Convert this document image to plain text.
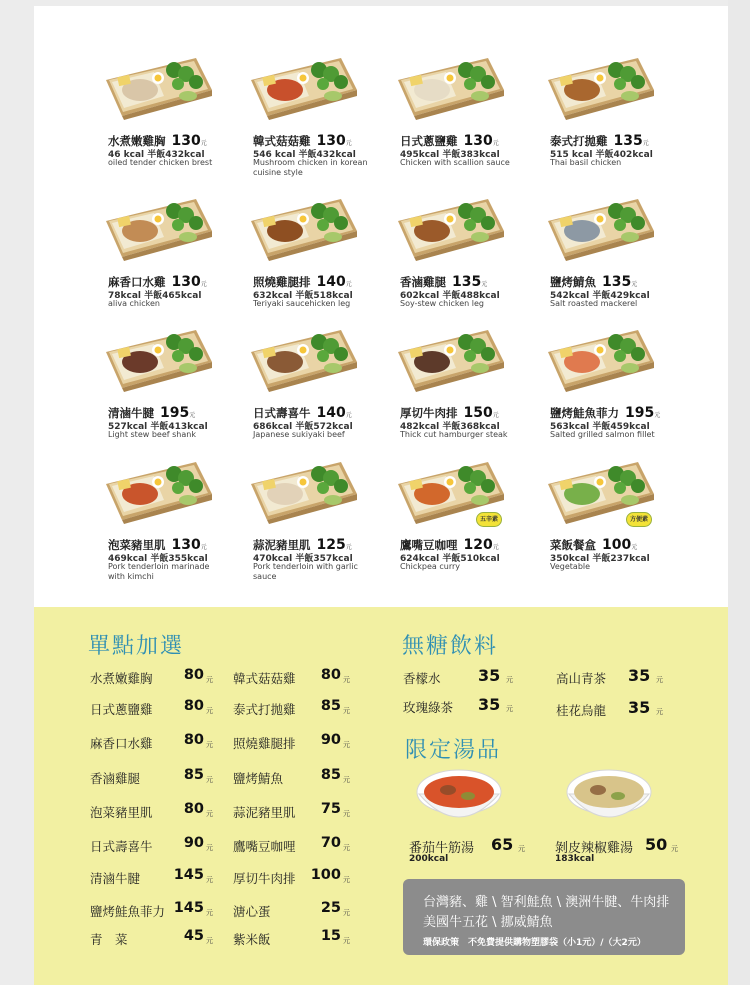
水煮嫩雞胸 130元
46 kcal 半飯432kcal
oiled tender chicken brest
韓式菇菇雞 130元
546 kcal 半飯432kcal
Mushroom chicken in korean cuisine style
日式蔥鹽雞 130元
495kcal 半飯383kcal
Chicken with scallion sauce
泰式打拋雞 135元
515 kcal 半飯402kcal
Thai basil chicken
麻香口水雞 130元
78kcal 半飯465kcal
aliva chicken
照燒雞腿排 140元
632kcal 半飯518kcal
Teriyaki saucehicken leg
香滷雞腿 135元
602kcal 半飯488kcal
Soy-stew chicken leg
鹽烤鯖魚 135元
542kcal 半飯429kcal
Salt roasted mackerel
清滷牛腱 195元
527kcal 半飯413kcal
Light stew beef shank
日式壽喜牛 140元
686kcal 半飯572kcal
Japanese sukiyaki beef
厚切牛肉排 150元
482kcal 半飯368kcal
Thick cut hamburger steak
鹽烤鮭魚菲力 195元
563kcal 半飯459kcal
Salted grilled salmon fillet
泡菜豬里肌 130元
469kcal 半飯355kcal
Pork tenderloin marinade with kimchi
蒜泥豬里肌 125元
470kcal 半飯357kcal
Pork tenderloin with garlic sauce
五辛素
鷹嘴豆咖哩 120元
624kcal 半飯510kcal
Chickpea curry
方便素
菜飯餐盒 100元
350kcal 半飯237kcal
Vegetable
單點加選
水煮嫩雞胸	80 元 韓式菇菇雞	80 元
日式蔥鹽雞	80 元 泰式打拋雞	85 元
麻香口水雞	80 元 照燒雞腿排	90 元
香滷雞腿	85 元 鹽烤鯖魚	85 元
泡菜豬里肌	80 元 蒜泥豬里肌	75 元
日式壽喜牛	90 元 鷹嘴豆咖哩	70 元
清滷牛腱	145 元 厚切牛肉排	100 元
鹽烤鮭魚菲力 145 元 溏心蛋	25 元
青　菜	45 元 紫米飯	15 元
無糖飲料
香檬水 35 元	高山青茶 35 元
玫瑰綠茶 35 元	桂花烏龍 35 元
限定湯品
番茄牛筋湯 65 元
200kcal
剝皮辣椒雞湯 50 元
183kcal
台灣豬、雞 \ 智利鮭魚 \ 澳洲牛腱、牛肉排
美國牛五花 \ 挪威鯖魚
環保政策　不免費提供購物塑膠袋（小1元）/（大2元）
